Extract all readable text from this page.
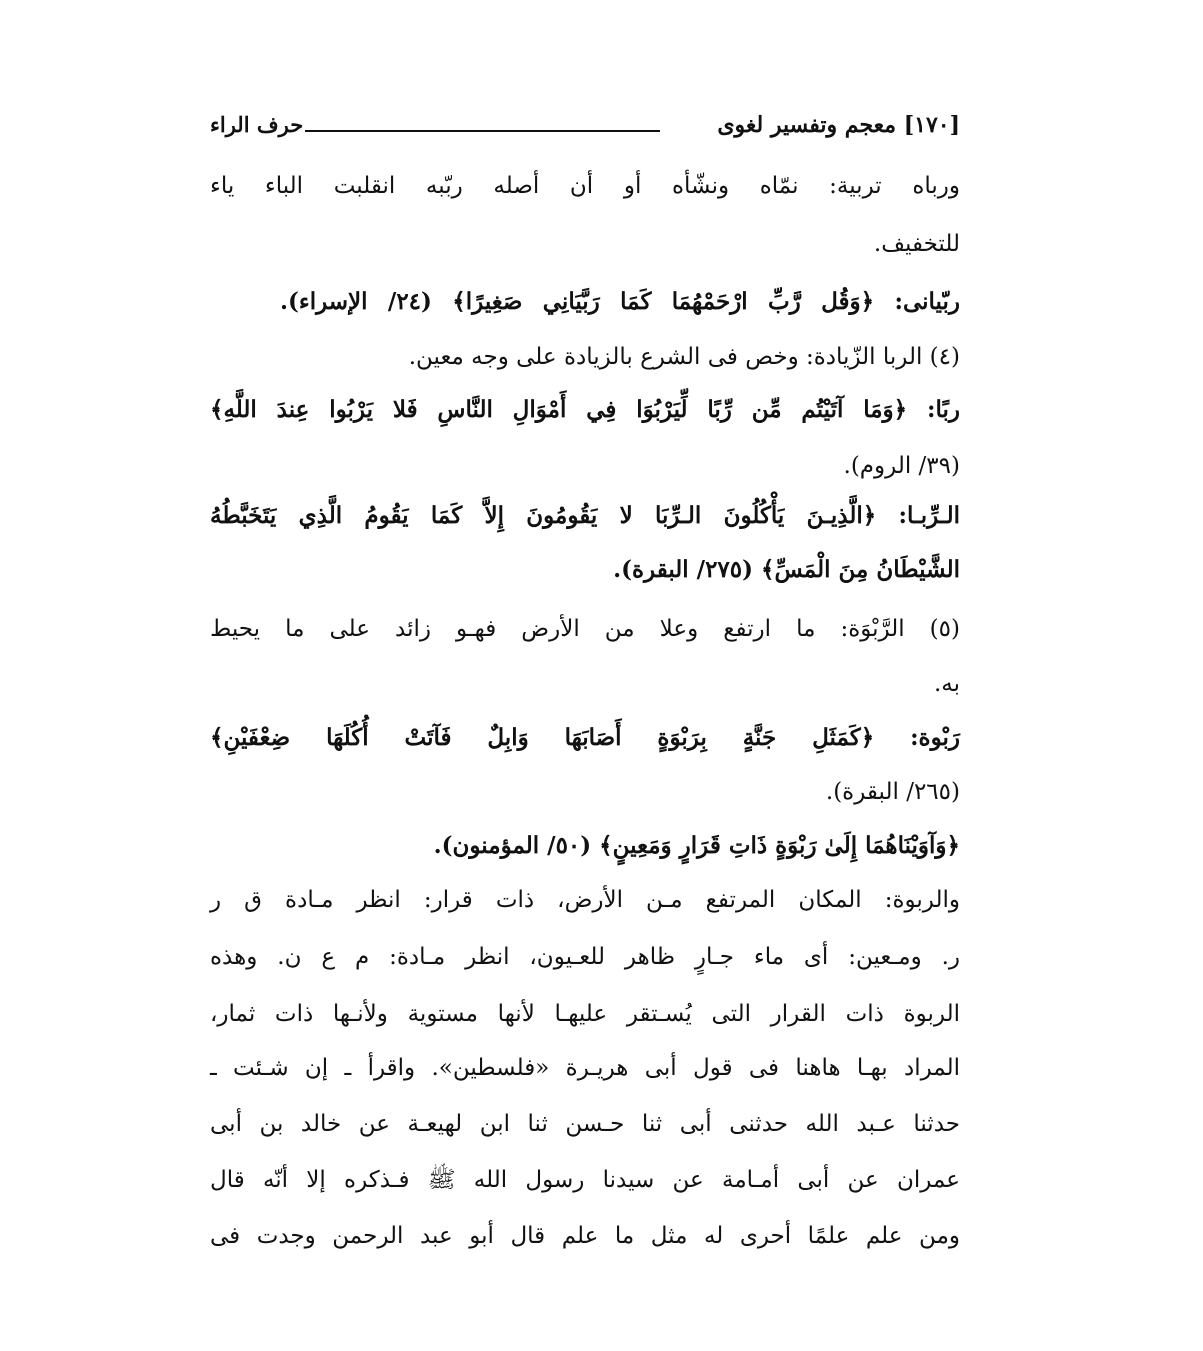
[١٧٠] معجم وتفسير لغوى
حرف الراء
ورباه تربية: نمّاه ونشّأه أو أن أصله ربّبه انقلبت الباء ياء
للتخفيف.
ربّيانى: ﴿وَقُل رَّبِّ ارْحَمْهُمَا كَمَا رَبَّيَانِي صَغِيرًا﴾ (٢٤/ الإسراء).
(٤) الربا الزّيادة: وخص فى الشرع بالزيادة على وجه معين.
ربًا: ﴿وَمَا آتَيْتُم مِّن رِّبًا لِّيَرْبُوَا فِي أَمْوَالِ النَّاسِ فَلا يَرْبُوا عِندَ اللَّهِ﴾
(٣٩/ الروم).
الـرِّبـا: ﴿الَّذِيـنَ يَأْكُلُونَ الـرِّبَا لا يَقُومُونَ إِلاَّ كَمَا يَقُومُ الَّذِي يَتَخَبَّطُهُ
الشَّيْطَانُ مِنَ الْمَسِّ﴾ (٢٧٥/ البقرة).
(٥) الرَّبْوَة: ما ارتفع وعلا من الأرض فهـو زائد على ما يحيط
به.
رَبْوة: ﴿كَمَثَلِ جَنَّةٍ بِرَبْوَةٍ أَصَابَهَا وَابِلٌ فَآتَتْ أُكُلَهَا ضِعْفَيْنِ﴾
(٢٦٥/ البقرة).
﴿وَآوَيْنَاهُمَا إِلَىٰ رَبْوَةٍ ذَاتِ قَرَارٍ وَمَعِينٍ﴾ (٥٠/ المؤمنون).
والربوة: المكان المرتفع مـن الأرض، ذات قرار: انظر مـادة ق ر
ر. ومـعين: أى ماء جـارٍ ظاهر للعـيون، انظر مـادة: م ع ن. وهذه
الربوة ذات القرار التى يُسـتقر عليهـا لأنها مستوية ولأنـها ذات ثمار،
المراد بهـا هاهنا فى قول أبى هريـرة «فلسطين». واقرأ ـ إن شـئت ـ
حدثنا عـبد الله حدثنى أبى ثنا حـسن ثنا ابن لهيعـة عن خالد بن أبى
عمران عن أبى أمـامة عن سيدنا رسول الله ﷺ فـذكره إلا أنّه قال
ومن علم علمًا أحرى له مثل ما علم قال أبو عبد الرحمن وجدت فى
